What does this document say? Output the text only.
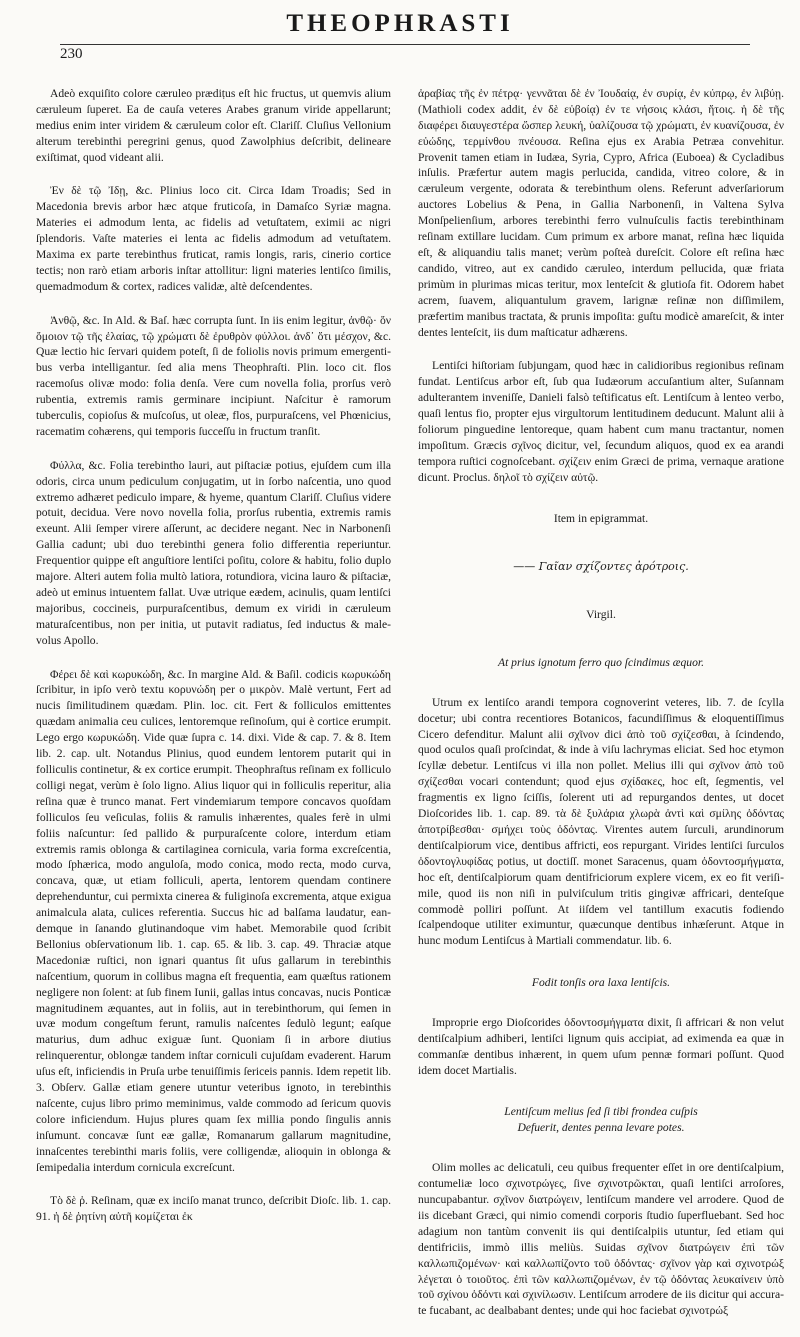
THEOPHRASTI
230

Adeò exquiſito colore cæruleo prædiṭus eſt hic fructus, ut quemvis alium cæruleum ſuperet. Ea de cauſa veteres Arabes granum viride appellarunt; medius enim inter viridem & cæruleum color eſt. Clariſſ. Cluſius Vellonium alterum terebinthi peregrini genus, quod Zawolphius deſcribit, delineare exiſtimat, quod videant alii.

Ἐν δὲ τῷ Ἰδῃ, &c. Plinius loco cit. Circa Idam Troadis; Sed in Macedonia brevis arbor hæc atque fruticoſa, in Damaſco Syriæ magna. Materies ei admodum lenta, ac fidelis ad vetuſtatem, eximii ac nigri ſplendoris. Vaſte materies ei lenta ac fidelis admodum ad vetuſtatem. Maxima ex parte terebinthus fruticat, ramis longis, raris, cinerio cortice tectis; non rarò etiam arboris inſtar attollitur: ligni materies lentiſco ſimilis, quemadmodum & cortex, radices validæ, altè deſcendentes.

Ἀνθῷ, &c. In Ald. & Baſ. hæc corrupta ſunt. In iis enim legitur, ἀνθῷ· ὅν ὅμοιον τῷ τῆς ἐλαίας, τῷ χρώματι δὲ ἐρυθρὸν φύλλοι. ἀνδ᾽ ὅτι μέσχον, &c. Quæ lectio hic ſervari quidem poteſt, ſi de foliolis novis primum emergentibus verba intelligantur. ſed alia mens Theophraſti. Plin. loco cit. flos racemoſus olivæ modo: folia denſa. Vere cum novella folia, prorſus verò rubentia, extremis ramis germinare incipiunt. Naſcitur è ramorum tuberculis, copioſus & muſcoſus, ut oleæ, flos, purpuraſcens, vel Phœnicius, racematim cohærens, qui temporis ſucceſſu in fructum tranſit.

Φύλλα, &c. Folia terebintho lauri, aut piſtaciæ potius, ejuſdem cum illa odoris, circa unum pediculum conjugatim, ut in ſorbo naſcentia, uno quod extremo adhæret pediculo impare, & hyeme, quantum Clariſſ. Cluſius videre potuit, decidua. Vere novo novella folia, prorſus rubentia, extremis ramis exeunt. Alii ſemper virere aſſerunt, ac decidere negant. Nec in Narbonenſi Gallia cadunt; ubi duo terebinthi genera folio differentia reperiuntur. Frequentior quippe eſt anguſtiore lentiſci poſitu, colore & habitu, folio duplo majore. Alteri autem folia multò latiora, rotundiora, vicina lauro & piſtaciæ, adeò ut eminus intuentem fallat. Uvæ utrique eædem, acinulis, quam lentiſci majoribus, coccineis, purpuraſcentibus, demum ex viridi in cæruleum maturaſcentibus, non per initia, ut putavit radiatus, ſed inductus & malevolus Apollo.

Φέρει δὲ καὶ κωρυκώδη, &c. In margine Ald. & Baſil. codicis κωρυκώδη ſcribitur, in ipſo verò textu κορυνώδη per ο μικρὸν. Malè vertunt, Fert ad nucis ſimilitudinem quædam. Plin. loc. cit. Fert & folliculos emittentes quædam animalia ceu culices, lentoremque reſinoſum, qui è cortice erumpit. Lego ergo κωρυκώδη. Vide quæ ſupra c. 14. dixi. Vide & cap. 7. & 8. Item lib. 2. cap. ult. Notandus Plinius, quod eundem lentorem putarit qui in folliculis continetur, & ex cortice erumpit. Theophraſtus reſinam ex folliculo colligi negat, verùm è ſolo ligno. Alius liquor qui in folliculis reperitur, alia reſina quæ è trunco manat. Fert vindemiarum tempore concavos quoſdam folliculos ſeu veſiculas, foliis & ramulis inhærentes, quales ferè in ulmi foliis naſcuntur: ſed pallido & purpuraſcente colore, interdum etiam extremis ramis oblonga & cartilaginea cornicula, varia forma excreſcentia, modo ſphærica, modo anguloſa, modo conica, modo recta, modo curva, concava, quæ, ut etiam folliculi, aperta, lentorem quendam continere deprehenduntur, cui permixta cinerea & fuliginoſa excrementa, atque exigua animalcula alata, culices referentia. Succus hic ad balſama laudatur, eandemque in ſanando glutinandoque vim habet. Memorabile quod ſcribit Bellonius obſervationum lib. 1. cap. 65. & lib. 3. cap. 49. Thraciæ atque Macedoniæ ruſtici, non ignari quantus ſit uſus gallarum in terebinthis naſcentium, quorum in collibus magna eſt frequentia, eam quæſtus rationem negligere non ſolent: at ſub finem Iunii, gallas intus concavas, nucis Ponticæ magnitudinem æquantes, aut in foliis, aut in terebinthorum, qui ſemen in uvæ modum congeſtum ferunt, ramulis naſcentes ſedulò legunt; eaſque maturius, dum adhuc exiguæ ſunt. Quoniam ſi in arbore diutius relinquerentur, oblongæ tandem inſtar corniculi cujuſdam evaderent. Harum uſus eſt, inficiendis in Pruſa urbe tenuiſſimis ſericeis pannis. Idem repetit lib. 3. Obſerv. Gallæ etiam genere utuntur veteribus ignoto, in terebinthis naſcente, cujus libro primo meminimus, valde commodo ad ſericum quovis colore inficiendum. Hujus plures quam ſex millia pondo ſingulis annis inſumunt. concavæ ſunt eæ gallæ, Romanarum gallarum magnitudine, innaſcentes terebinthi maris foliis, vere colligendæ, alioquin in oblonga & ſemipedalia interdum cornicula excreſcunt.

Τὸ δὲ ῥ. Reſinam, quæ ex inciſo manat trunco, deſcribit Dioſc. lib. 1. cap. 91. ἡ δὲ ῥητίνη αὐτῆ κομίζεται ἐκ

ἀραβίας τῆς ἐν πέτρᾳ· γεννᾶται δὲ ἐν Ἰουδαίᾳ, ἐν συρίᾳ, ἐν κύπρῳ, ἐν λιβύῃ. (Mathioli codex addit, ἐν δὲ εὐβοίᾳ) ἐν τε νήσοις κλάσι, ἥτοις. ἡ δὲ τῆς διαφέρει διαυγεστέρα ὥσπερ λευκή, ὑαλίζουσα τῷ χρώματι, ἐν κυανίζουσα, ἐν εὐώδης, τερμίνθου πνέουσα. Reſina ejus ex Arabia Petræa convehitur. Provenit tamen etiam in Iudæa, Syria, Cypro, Africa (Euboea) & Cycladibus inſulis. Præfertur autem magis perlucida, candida, vitreo colore, & in cæruleum vergente, odorata & terebinthum olens. Referunt adverſariorum auctores Lobelius & Pena, in Gallia Narbonenſi, in Valtena Sylva Monſpelienſium, arbores terebinthi ferro vulnuſculis factis terebinthinam reſinam extillare lucidam. Cum primum ex arbore manat, reſina hæc liquida eſt, & aliquandiu talis manet; verùm poſteà dureſcit. Colore eſt reſina hæc candido, vitreo, aut ex candido cæruleo, interdum pellucida, quæ friata primùm in plurimas micas teritur, mox lenteſcit & glutioſa fit. Odorem habet acrem, ſuavem, aliquantulum gravem, larignæ reſinæ non diſſimilem, præfertim manibus tractata, & prunis impoſita: guſtu modicè amareſcit, & inter dentes lenteſcit, iis dum maſticatur adhærens.

Lentiſci hiſtoriam ſubjungam, quod hæc in calidioribus regionibus reſinam fundat. Lentiſcus arbor eſt, ſub qua Iudæorum accuſantium alter, Suſannam adulterantem inveniſſe, Danieli falsò teſtificatus eſt. Lentiſcum à lenteo verbo, quaſi lentus fio, propter ejus virgultorum lentitudinem deducunt. Malunt alii à foliorum pinguedine lentoreque, quam habent cum manu tractantur, nomen impoſitum. Græcis σχῖνος dicitur, vel, ſecundum aliquos, quod ex ea arandi tempora ruſtici cognoſcebant. σχίζειν enim Græci de prima, vernaque aratione dicunt. Proclus. δηλοῖ τὸ σχίζειν αὐτῷ.

Item in epigrammat.

—— Γαῖαν σχίζοντες ἀρότροις.

Virgil.

At prius ignotum ferro quo ſcindimus æquor.

Utrum ex lentiſco arandi tempora cognoverint veteres, lib. 7. de ſcylla docetur; ubi contra recentiores Botanicos, facundiſſimus & eloquentiſſimus Cicero defenditur. Malunt alii σχῖνον dici ἀπὸ τοῦ σχίζεσθαι, à ſcindendo, quod oculos quaſi proſcindat, & inde à viſu lachrymas eliciat. Sed hoc etymon ſcyllæ debetur. Lentiſcus vi illa non pollet. Melius illi qui σχῖνον ἀπὸ τοῦ σχίζεσθαι vocari contendunt; quod ejus σχίδακες, hoc eſt, ſegmentis, vel fragmentis ex ligno ſciſſis, ſolerent uti ad repurgandos dentes, ut docet Dioſcorides lib. 1. cap. 89. τὰ δὲ ξυλάρια χλωρὰ ἀντὶ καὶ σμίλης ὀδόντας ἀποτρίβεσθαι· σμήχει τοὺς ὀδόντας. Virentes autem ſurculi, arundinorum dentiſcalpiorum vice, dentibus affricti, eos repurgant. Virides lentiſci ſurculos ὀδοντογλυφίδας potius, ut doctiſſ. monet Saracenus, quam ὀδοντοσμήγματα, hoc eſt, dentiſcalpiorum quam dentifriciorum explere vicem, ex eo fit veriſimile, quod iis non niſi in pulviſculum tritis gingivæ affricari, denteſque commodè polliri poſſunt. At iiſdem vel tantillum exacutis fodiendo ſcalpendoque utiliter eximuntur, quæcunque dentibus inhæſerunt. Atque in hunc modum Lentiſcus à Martiali commendatur. lib. 6.

Fodit tonſis ora laxa lentiſcis.

Improprie ergo Dioſcorides ὀδοντοσμήγματα dixit, ſi affricari & non velut dentiſcalpium adhiberi, lentiſci lignum quis accipiat, ad eximenda ea quæ in commanſæ dentibus inhærent, in quem uſum pennæ formari poſſunt. Quod idem docet Martialis.

Lentiſcum melius ſed ſi tibi frondea cuſpis
Defuerit, dentes penna levare potes.

Olim molles ac delicatuli, ceu quibus frequenter eſſet in ore dentiſcalpium, contumeliæ loco σχινοτρώγες, ſive σχινοτρῶκται, quaſi lentiſci arroſores, nuncupabantur. σχῖνον διατρώγειν, lentiſcum mandere vel arrodere. Quod de iis dicebant Græci, qui nimio comendi corporis ſtudio ſuperfluebant. Sed hoc adagium non tantùm convenit iis qui dentiſcalpiis utuntur, ſed etiam qui dentifriciis, immò illis meliùs. Suidas σχῖνον διατρώγειν ἐπὶ τῶν καλλωπιζομένων· καὶ καλλωπίζοντο τοῦ ὀδόντας· σχῖνον γὰρ καὶ σχινοτρώξ λέγεται ὁ τοιοῦτος. ἐπὶ τῶν καλλωπιζομένων, ἐν τῷ ὀδόντας λευκαίνειν ὑπὸ τοῦ σχίνου ὀδόντι καὶ σχινίλωσιν. Lentiſcum arrodere de iis dicitur qui accurate fucabant, ac dealbabant dentes; unde qui hoc faciebat σχινοτρώξ
